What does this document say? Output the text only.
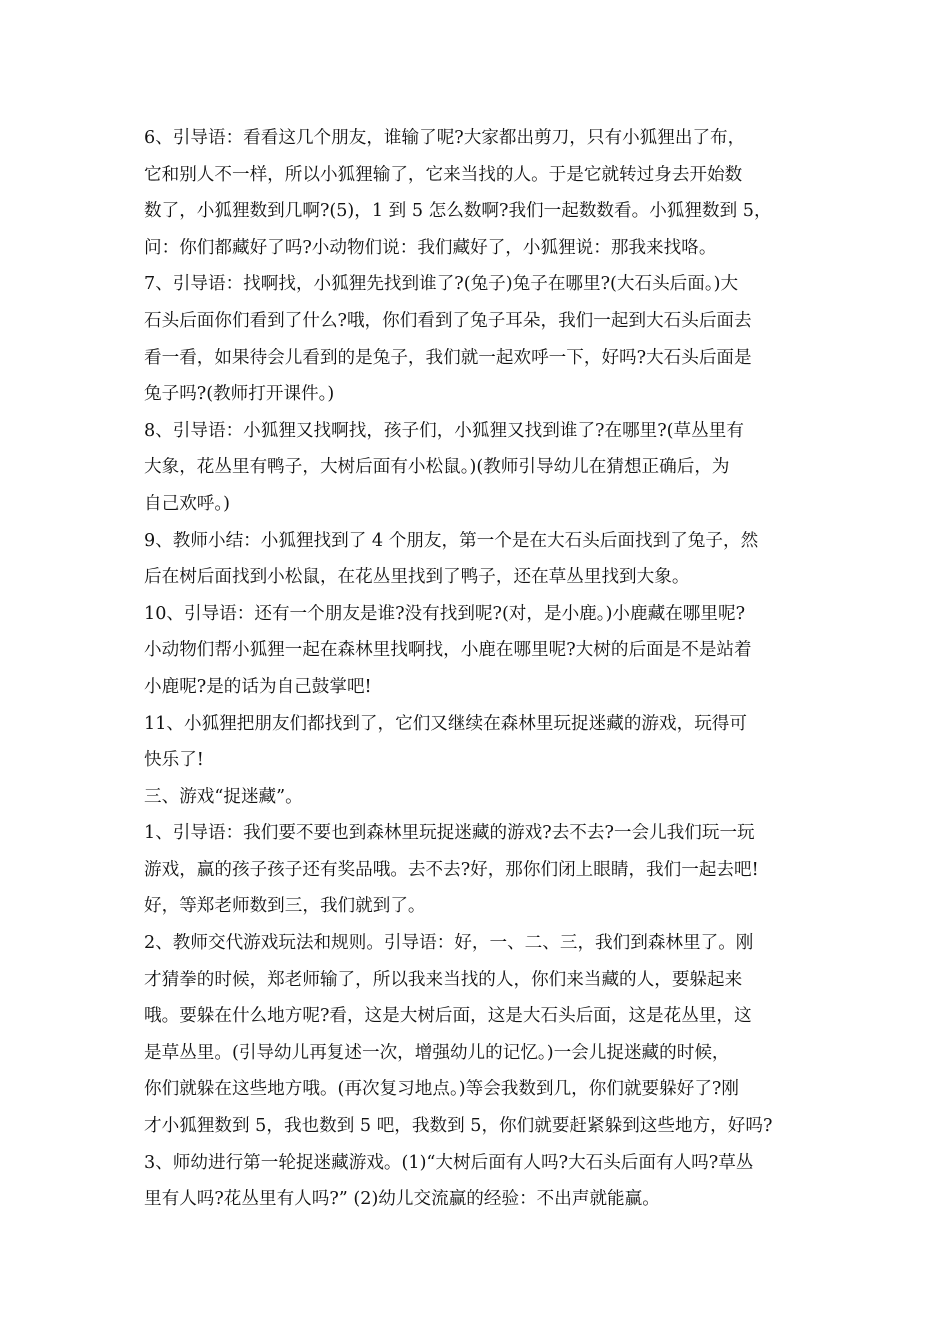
6、引导语：看看这几个朋友，谁输了呢?大家都出剪刀，只有小狐狸出了布，
它和别人不一样，所以小狐狸输了，它来当找的人。于是它就转过身去开始数
数了，小狐狸数到几啊?(5)，1 到 5 怎么数啊?我们一起数数看。小狐狸数到 5，
问：你们都藏好了吗?小动物们说：我们藏好了，小狐狸说：那我来找咯。
7、引导语：找啊找，小狐狸先找到谁了?(兔子)兔子在哪里?(大石头后面。)大
石头后面你们看到了什么?哦，你们看到了兔子耳朵，我们一起到大石头后面去
看一看，如果待会儿看到的是兔子，我们就一起欢呼一下，好吗?大石头后面是
兔子吗?(教师打开课件。)
8、引导语：小狐狸又找啊找，孩子们，小狐狸又找到谁了?在哪里?(草丛里有
大象，花丛里有鸭子，大树后面有小松鼠。)(教师引导幼儿在猜想正确后，为
自己欢呼。)
9、教师小结：小狐狸找到了 4 个朋友，第一个是在大石头后面找到了兔子，然
后在树后面找到小松鼠，在花丛里找到了鸭子，还在草丛里找到大象。
10、引导语：还有一个朋友是谁?没有找到呢?(对，是小鹿。)小鹿藏在哪里呢?
小动物们帮小狐狸一起在森林里找啊找，小鹿在哪里呢?大树的后面是不是站着
小鹿呢?是的话为自己鼓掌吧!
11、小狐狸把朋友们都找到了，它们又继续在森林里玩捉迷藏的游戏，玩得可
快乐了!
三、游戏“捉迷藏”。
1、引导语：我们要不要也到森林里玩捉迷藏的游戏?去不去?一会儿我们玩一玩
游戏，赢的孩子孩子还有奖品哦。去不去?好，那你们闭上眼睛，我们一起去吧!
好，等郑老师数到三，我们就到了。
2、教师交代游戏玩法和规则。引导语：好，一、二、三，我们到森林里了。刚
才猜拳的时候，郑老师输了，所以我来当找的人，你们来当藏的人，要躲起来
哦。要躲在什么地方呢?看，这是大树后面，这是大石头后面，这是花丛里，这
是草丛里。(引导幼儿再复述一次，增强幼儿的记忆。)一会儿捉迷藏的时候，
你们就躲在这些地方哦。(再次复习地点。)等会我数到几，你们就要躲好了?刚
才小狐狸数到 5，我也数到 5 吧，我数到 5，你们就要赶紧躲到这些地方，好吗?
3、师幼进行第一轮捉迷藏游戏。(1)“大树后面有人吗?大石头后面有人吗?草丛
里有人吗?花丛里有人吗?” (2)幼儿交流赢的经验：不出声就能赢。
